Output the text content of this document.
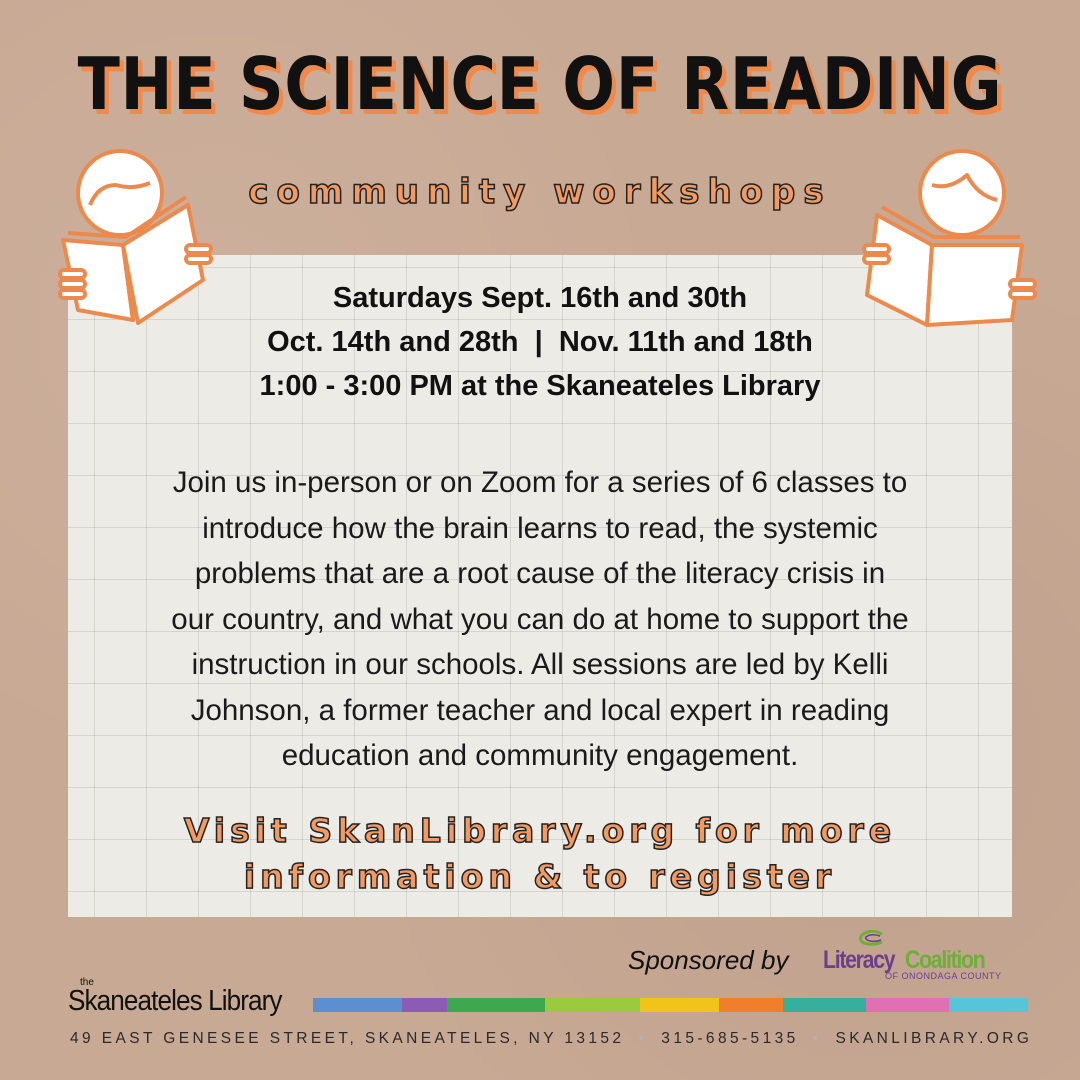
THE SCIENCE OF READING
community workshops
Saturdays Sept. 16th and 30th
Oct. 14th and 28th  |  Nov. 11th and 18th
1:00 - 3:00 PM at the Skaneateles Library
Join us in-person or on Zoom for a series of 6 classes to
introduce how the brain learns to read, the systemic
problems that are a root cause of the literacy crisis in
our country, and what you can do at home to support the
instruction in our schools. All sessions are led by Kelli
Johnson, a former teacher and local expert in reading
education and community engagement.
Visit SkanLibrary.org for more
information & to register
Sponsored by Literacy Coalition
OF ONONDAGA COUNTY
the
Skaneateles Library
49 EAST GENESEE STREET, SKANEATELES, NY 13152 • 315-685-5135 • SKANLIBRARY.ORG
